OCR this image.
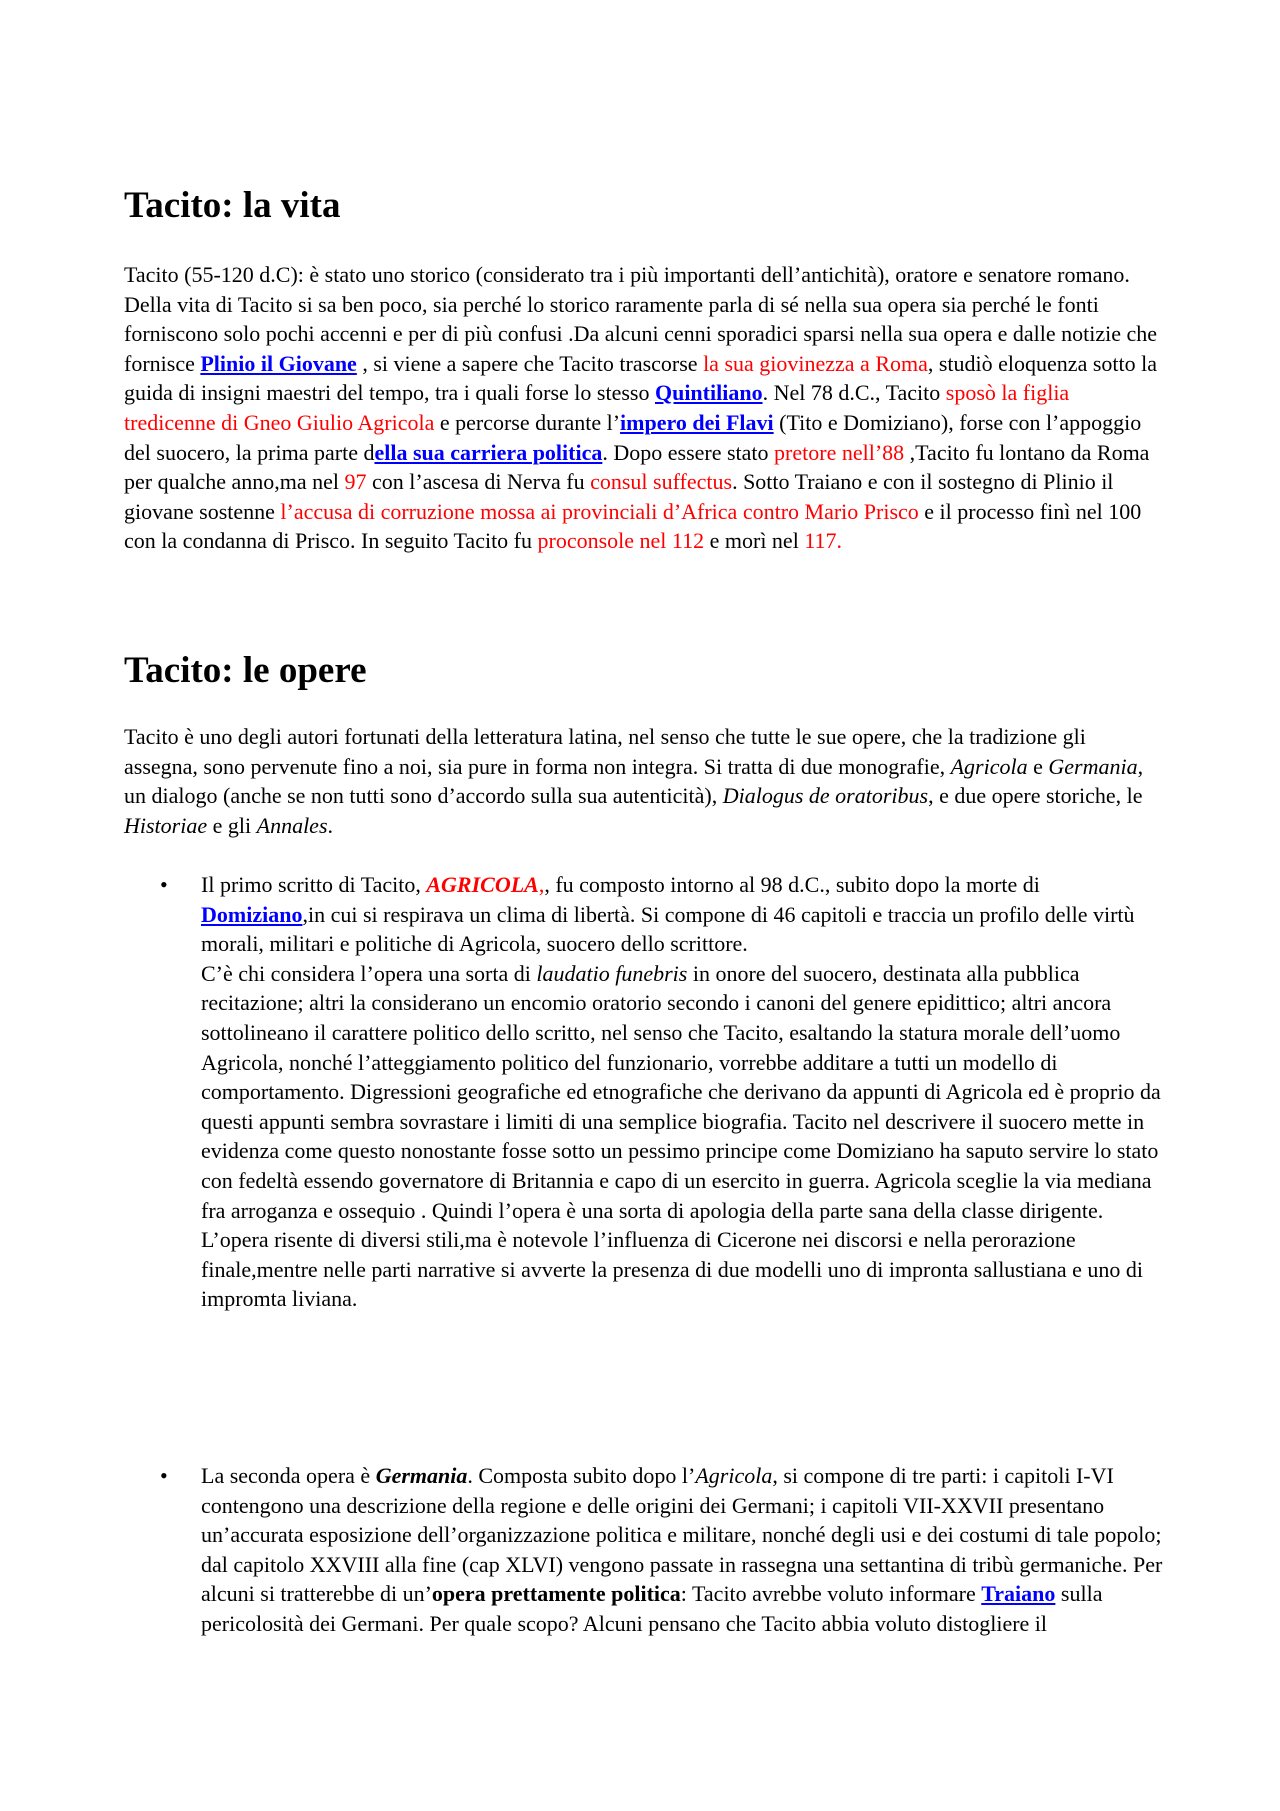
Tacito: la vita

Tacito (55-120 d.C): è stato uno storico (considerato tra i più importanti dell’antichità), oratore e senatore romano. Della vita di Tacito si sa ben poco, sia perché lo storico raramente parla di sé nella sua opera sia perché le fonti forniscono solo pochi accenni e per di più confusi .Da alcuni cenni sporadici sparsi nella sua opera e dalle notizie che fornisce Plinio il Giovane , si viene a sapere che Tacito trascorse la sua giovinezza a Roma, studiò eloquenza sotto la guida di insigni maestri del tempo, tra i quali forse lo stesso Quintiliano. Nel 78 d.C., Tacito sposò la figlia tredicenne di Gneo Giulio Agricola e percorse durante l’impero dei Flavi (Tito e Domiziano), forse con l’appoggio del suocero, la prima parte della sua carriera politica. Dopo essere stato pretore nell’88 ,Tacito fu lontano da Roma per qualche anno,ma nel 97 con l’ascesa di Nerva fu consul suffectus. Sotto Traiano e con il sostegno di Plinio il giovane sostenne l’accusa di corruzione mossa ai provinciali d’Africa contro Mario Prisco e il processo finì nel 100 con la condanna di Prisco. In seguito Tacito fu proconsole nel 112 e morì nel 117.

Tacito: le opere

Tacito è uno degli autori fortunati della letteratura latina, nel senso che tutte le sue opere, che la tradizione gli assegna, sono pervenute fino a noi, sia pure in forma non integra. Si tratta di due monografie, Agricola e Germania, un dialogo (anche se non tutti sono d’accordo sulla sua autenticità), Dialogus de oratoribus, e due opere storiche, le Historiae e gli Annales.

•	Il primo scritto di Tacito, AGRICOLA,, fu composto intorno al 98 d.C., subito dopo la morte di Domiziano,in cui si respirava un clima di libertà. Si compone di 46 capitoli e traccia un profilo delle virtù morali, militari e politiche di Agricola, suocero dello scrittore.
C’è chi considera l’opera una sorta di laudatio funebris in onore del suocero, destinata alla pubblica recitazione; altri la considerano un encomio oratorio secondo i canoni del genere epidittico; altri ancora sottolineano il carattere politico dello scritto, nel senso che Tacito, esaltando la statura morale dell’uomo Agricola, nonché l’atteggiamento politico del funzionario, vorrebbe additare a tutti un modello di comportamento. Digressioni geografiche ed etnografiche che derivano da appunti di Agricola ed è proprio da questi appunti sembra sovrastare i limiti di una semplice biografia. Tacito nel descrivere il suocero mette in evidenza come questo nonostante fosse sotto un pessimo principe come Domiziano ha saputo servire lo stato con fedeltà essendo governatore di Britannia e capo di un esercito in guerra. Agricola sceglie la via mediana fra arroganza e ossequio . Quindi l’opera è una sorta di apologia della parte sana della classe dirigente. L’opera risente di diversi stili,ma è notevole l’influenza di Cicerone nei discorsi e nella perorazione finale,mentre nelle parti narrative si avverte la presenza di due modelli uno di impronta sallustiana e uno di impromta liviana.

•	La seconda opera è Germania. Composta subito dopo l’Agricola, si compone di tre parti: i capitoli I-VI contengono una descrizione della regione e delle origini dei Germani; i capitoli VII-XXVII presentano un’accurata esposizione dell’organizzazione politica e militare, nonché degli usi e dei costumi di tale popolo; dal capitolo XXVIII alla fine (cap XLVI) vengono passate in rassegna una settantina di tribù germaniche. Per alcuni si tratterebbe di un’opera prettamente politica: Tacito avrebbe voluto informare Traiano sulla pericolosità dei Germani. Per quale scopo? Alcuni pensano che Tacito abbia voluto distogliere il
